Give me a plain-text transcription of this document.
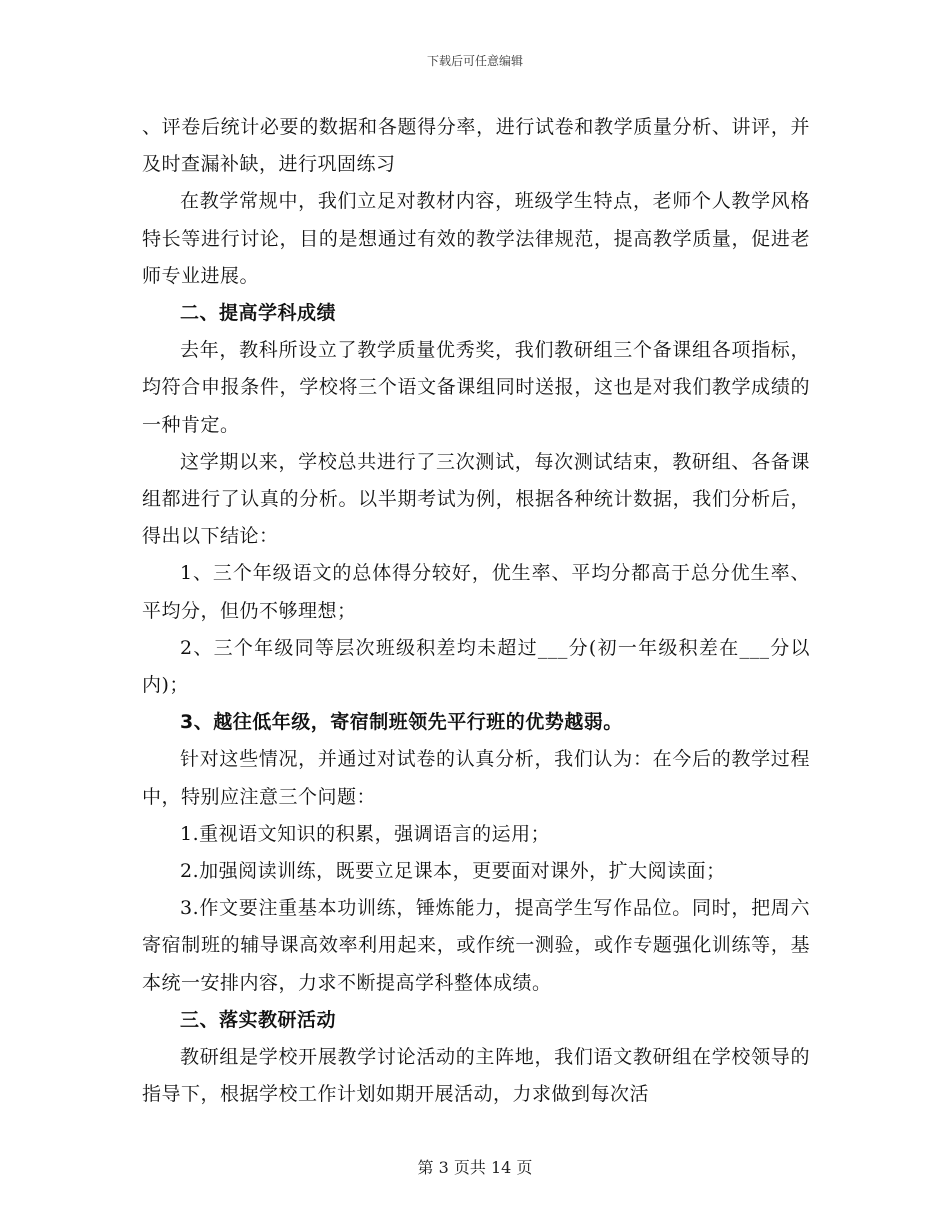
下载后可任意编辑

、评卷后统计必要的数据和各题得分率，进行试卷和教学质量分析、讲评，并及时查漏补缺，进行巩固练习

在教学常规中，我们立足对教材内容，班级学生特点，老师个人教学风格特长等进行讨论，目的是想通过有效的教学法律规范，提高教学质量，促进老师专业进展。

二、提高学科成绩

去年，教科所设立了教学质量优秀奖，我们教研组三个备课组各项指标，均符合申报条件，学校将三个语文备课组同时送报，这也是对我们教学成绩的一种肯定。

这学期以来，学校总共进行了三次测试，每次测试结束，教研组、各备课组都进行了认真的分析。以半期考试为例，根据各种统计数据，我们分析后，得出以下结论：

1、三个年级语文的总体得分较好，优生率、平均分都高于总分优生率、平均分，但仍不够理想；

2、三个年级同等层次班级积差均未超过___分(初一年级积差在___分以内)；

3、越往低年级，寄宿制班领先平行班的优势越弱。

针对这些情况，并通过对试卷的认真分析，我们认为：在今后的教学过程中，特别应注意三个问题：

1.重视语文知识的积累，强调语言的运用；

2.加强阅读训练，既要立足课本，更要面对课外，扩大阅读面；

3.作文要注重基本功训练，锤炼能力，提高学生写作品位。同时，把周六寄宿制班的辅导课高效率利用起来，或作统一测验，或作专题强化训练等，基本统一安排内容，力求不断提高学科整体成绩。

三、落实教研活动

教研组是学校开展教学讨论活动的主阵地，我们语文教研组在学校领导的指导下，根据学校工作计划如期开展活动，力求做到每次活

第 3 页共 14 页
